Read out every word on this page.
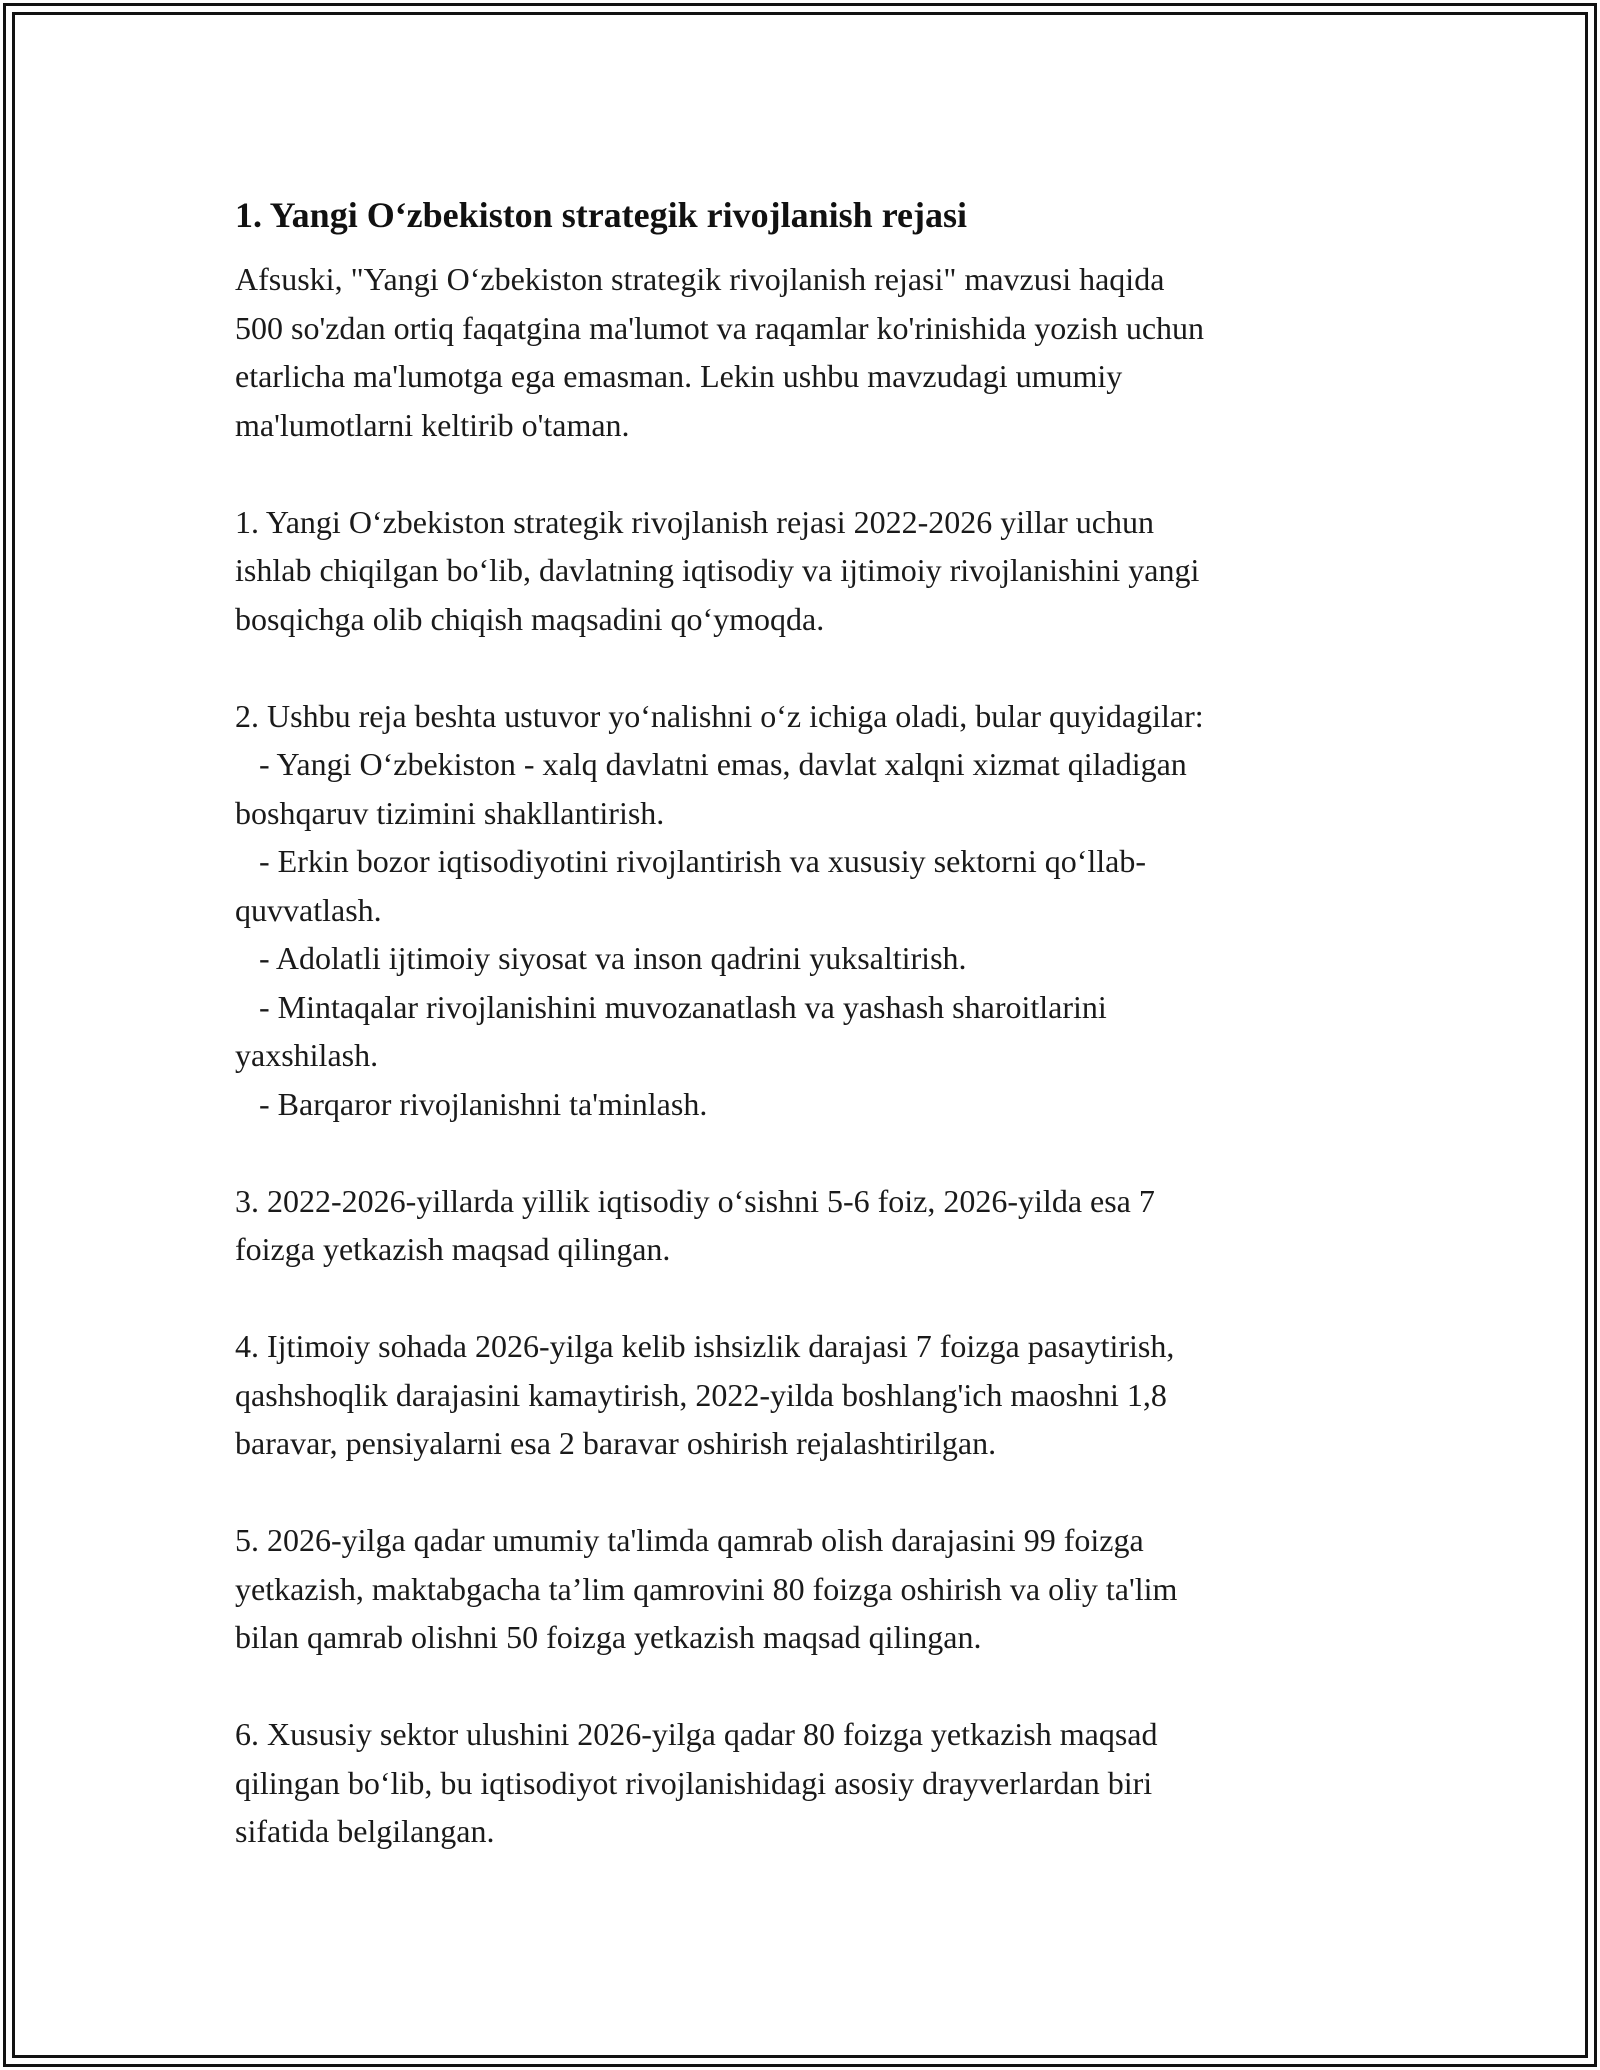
1. Yangi O‘zbekiston strategik rivojlanish rejasi

Afsuski, "Yangi O‘zbekiston strategik rivojlanish rejasi" mavzusi haqida
500 so'zdan ortiq faqatgina ma'lumot va raqamlar ko'rinishida yozish uchun
etarlicha ma'lumotga ega emasman. Lekin ushbu mavzudagi umumiy
ma'lumotlarni keltirib o'taman.

1. Yangi O‘zbekiston strategik rivojlanish rejasi 2022-2026 yillar uchun
ishlab chiqilgan bo‘lib, davlatning iqtisodiy va ijtimoiy rivojlanishini yangi
bosqichga olib chiqish maqsadini qo‘ymoqda.

2. Ushbu reja beshta ustuvor yo‘nalishni o‘z ichiga oladi, bular quyidagilar:
- Yangi O‘zbekiston - xalq davlatni emas, davlat xalqni xizmat qiladigan
boshqaruv tizimini shakllantirish.
- Erkin bozor iqtisodiyotini rivojlantirish va xususiy sektorni qo‘llab-
quvvatlash.
- Adolatli ijtimoiy siyosat va inson qadrini yuksaltirish.
- Mintaqalar rivojlanishini muvozanatlash va yashash sharoitlarini
yaxshilash.
- Barqaror rivojlanishni ta'minlash.

3. 2022-2026-yillarda yillik iqtisodiy o‘sishni 5-6 foiz, 2026-yilda esa 7
foizga yetkazish maqsad qilingan.

4. Ijtimoiy sohada 2026-yilga kelib ishsizlik darajasi 7 foizga pasaytirish,
qashshoqlik darajasini kamaytirish, 2022-yilda boshlang'ich maoshni 1,8
baravar, pensiyalarni esa 2 baravar oshirish rejalashtirilgan.

5. 2026-yilga qadar umumiy ta'limda qamrab olish darajasini 99 foizga
yetkazish, maktabgacha ta’lim qamrovini 80 foizga oshirish va oliy ta'lim
bilan qamrab olishni 50 foizga yetkazish maqsad qilingan.

6. Xususiy sektor ulushini 2026-yilga qadar 80 foizga yetkazish maqsad
qilingan bo‘lib, bu iqtisodiyot rivojlanishidagi asosiy drayverlardan biri
sifatida belgilangan.
